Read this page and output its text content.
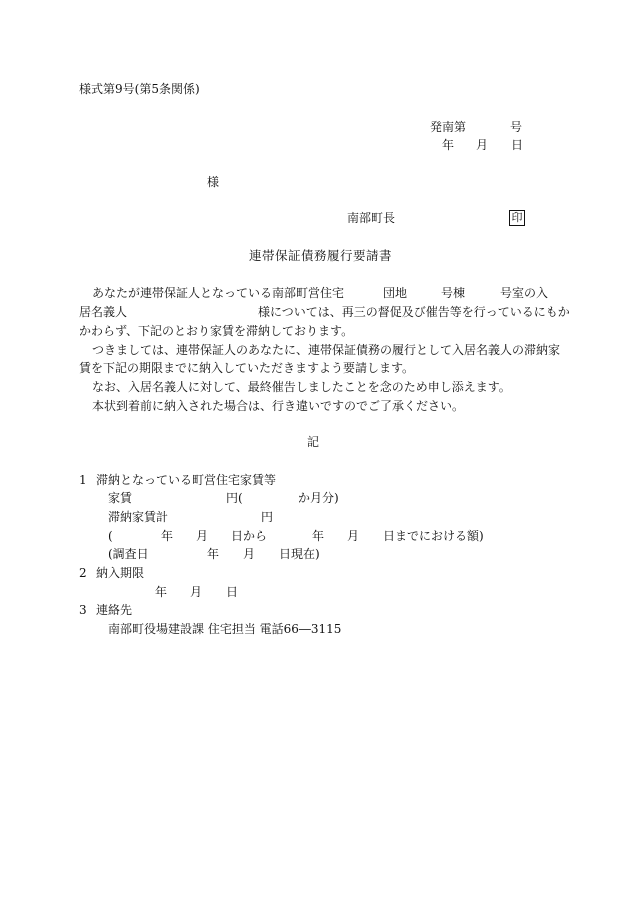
様式第9号(第5条関係)
発南第	号
年 月 日
様
南部町長	印
連帯保証債務履行要請書
あなたが連帯保証人となっている南部町営住宅	団地	号棟	号室の入
居名義人	様については、再三の督促及び催告等を行っているにもか
かわらず、下記のとおり家賃を滞納しております。
つきましては、連帯保証人のあなたに、連帯保証債務の履行として入居名義人の滞納家
賃を下記の期限までに納入していただきますよう要請します。
なお、入居名義人に対して、最終催告しましたことを念のため申し添えます。
本状到着前に納入された場合は、行き違いですのでご了承ください。
記
1 滞納となっている町営住宅家賃等
家賃	円(	か月分)
滞納家賃計	円
(	年 月 日から	年 月 日までにおける額)
(調査日	年 月 日現在)
2 納入期限
年 月 日
3 連絡先
南部町役場建設課 住宅担当 電話66―3115
